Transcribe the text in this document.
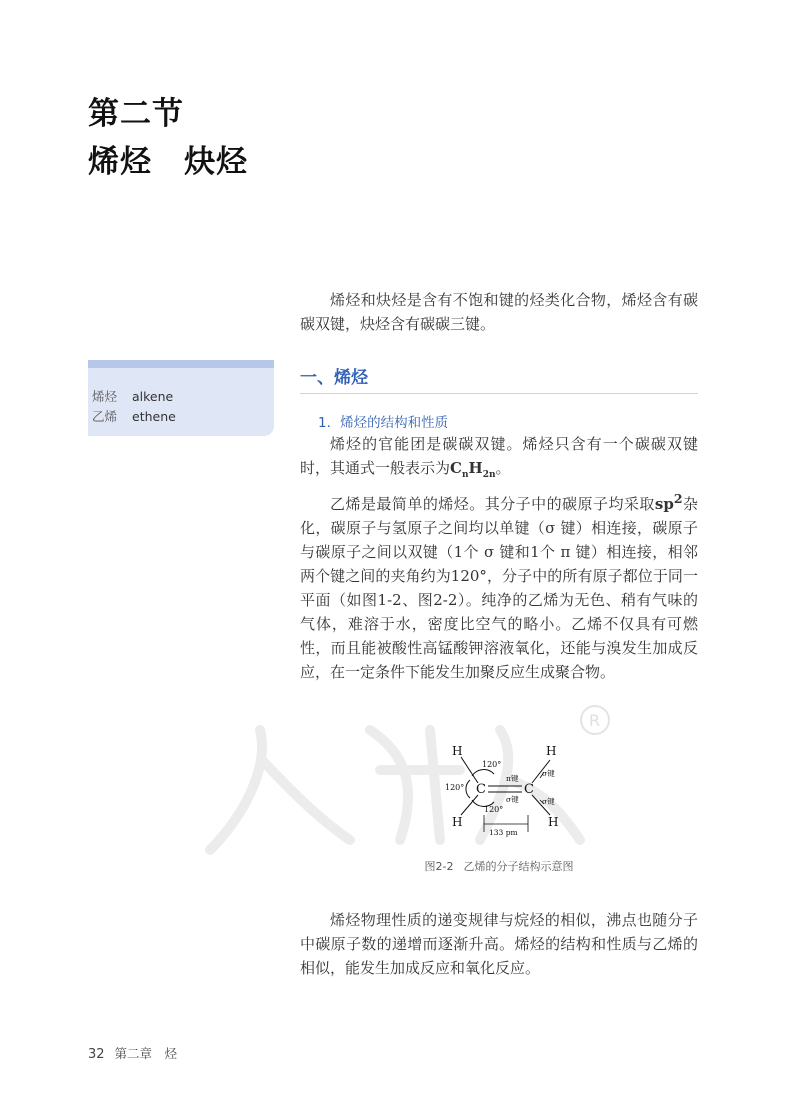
第二节
烯烃　炔烃
烯烃和炔烃是含有不饱和键的烃类化合物，烯烃含有碳碳双键，炔烃含有碳碳三键。
烯烃	alkene
乙烯	ethene
一、烯烃
1．烯烃的结构和性质

烯烃的官能团是碳碳双键。烯烃只含有一个碳碳双键时，其通式一般表示为$C_nH_{2n}$。

乙烯是最简单的烯烃。其分子中的碳原子均采取$sp^2$杂化，碳原子与氢原子之间均以单键（σ 键）相连接，碳原子与碳原子之间以双键（1个 σ 键和1个 π 键）相连接，相邻两个键之间的夹角约为120°，分子中的所有原子都位于同一平面（如图1-2、图2-2）。纯净的乙烯为无色、稍有气味的气体，难溶于水，密度比空气的略小。乙烯不仅具有可燃性，而且能被酸性高锰酸钾溶液氧化，还能与溴发生加成反应，在一定条件下能发生加聚反应生成聚合物。

R
H
H
H
H
C	C
120°
120°
120°
π键
σ键
σ键
σ键
133 pm
图2-2 乙烯的分子结构示意图
烯烃物理性质的递变规律与烷烃的相似，沸点也随分子中碳原子数的递增而逐渐升高。烯烃的结构和性质与乙烯的相似，能发生加成反应和氧化反应。
32 第二章　烃
